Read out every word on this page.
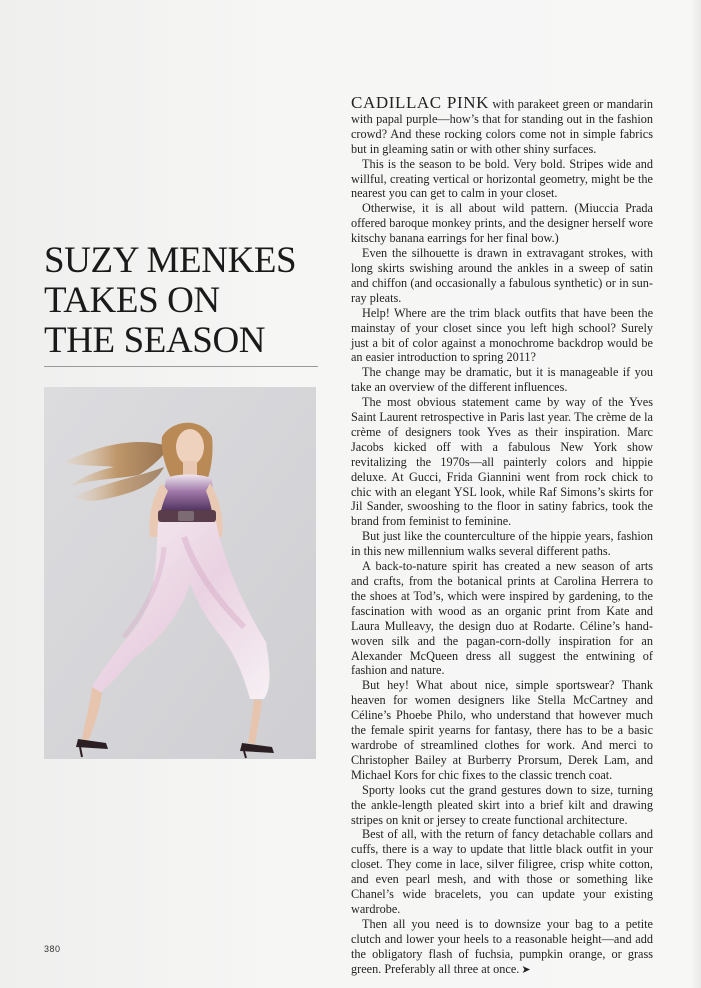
SUZY MENKES
TAKES ON
THE SEASON

CADILLAC PINK with parakeet green or mandarin with papal purple—how’s that for standing out in the fashion crowd? And these rocking colors come not in simple fabrics but in gleaming satin or with other shiny surfaces.

This is the season to be bold. Very bold. Stripes wide and willful, creating vertical or horizontal geometry, might be the nearest you can get to calm in your closet.

Otherwise, it is all about wild pattern. (Miuccia Prada offered baroque monkey prints, and the designer herself wore kitschy banana earrings for her final bow.)

Even the silhouette is drawn in extravagant strokes, with long skirts swishing around the ankles in a sweep of satin and chiffon (and occasionally a fabulous synthetic) or in sun-ray pleats.

Help! Where are the trim black outfits that have been the mainstay of your closet since you left high school? Surely just a bit of color against a monochrome backdrop would be an easier introduction to spring 2011?

The change may be dramatic, but it is manageable if you take an overview of the different influences.

The most obvious statement came by way of the Yves Saint Laurent retrospective in Paris last year. The crème de la crème of designers took Yves as their inspiration. Marc Jacobs kicked off with a fabulous New York show revitalizing the 1970s—all painterly colors and hippie deluxe. At Gucci, Frida Giannini went from rock chick to chic with an elegant YSL look, while Raf Simons’s skirts for Jil Sander, swooshing to the floor in satiny fabrics, took the brand from feminist to feminine.

But just like the counterculture of the hippie years, fashion in this new millennium walks several different paths.

A back-to-nature spirit has created a new season of arts and crafts, from the botanical prints at Carolina Herrera to the shoes at Tod’s, which were inspired by gardening, to the fascination with wood as an organic print from Kate and Laura Mulleavy, the design duo at Rodarte. Céline’s hand-woven silk and the pagan-corn-dolly inspiration for an Alexander McQueen dress all suggest the entwining of fashion and nature.

But hey! What about nice, simple sportswear? Thank heaven for women designers like Stella McCartney and Céline’s Phoebe Philo, who understand that however much the female spirit yearns for fantasy, there has to be a basic wardrobe of streamlined clothes for work. And merci to Christopher Bailey at Burberry Prorsum, Derek Lam, and Michael Kors for chic fixes to the classic trench coat.

Sporty looks cut the grand gestures down to size, turning the ankle-length pleated skirt into a brief kilt and drawing stripes on knit or jersey to create functional architecture.

Best of all, with the return of fancy detachable collars and cuffs, there is a way to update that little black outfit in your closet. They come in lace, silver filigree, crisp white cotton, and even pearl mesh, and with those or something like Chanel’s wide bracelets, you can update your existing wardrobe.

Then all you need is to downsize your bag to a petite clutch and lower your heels to a reasonable height—and add the obligatory flash of fuchsia, pumpkin orange, or grass green. Preferably all three at once. ➤

380
